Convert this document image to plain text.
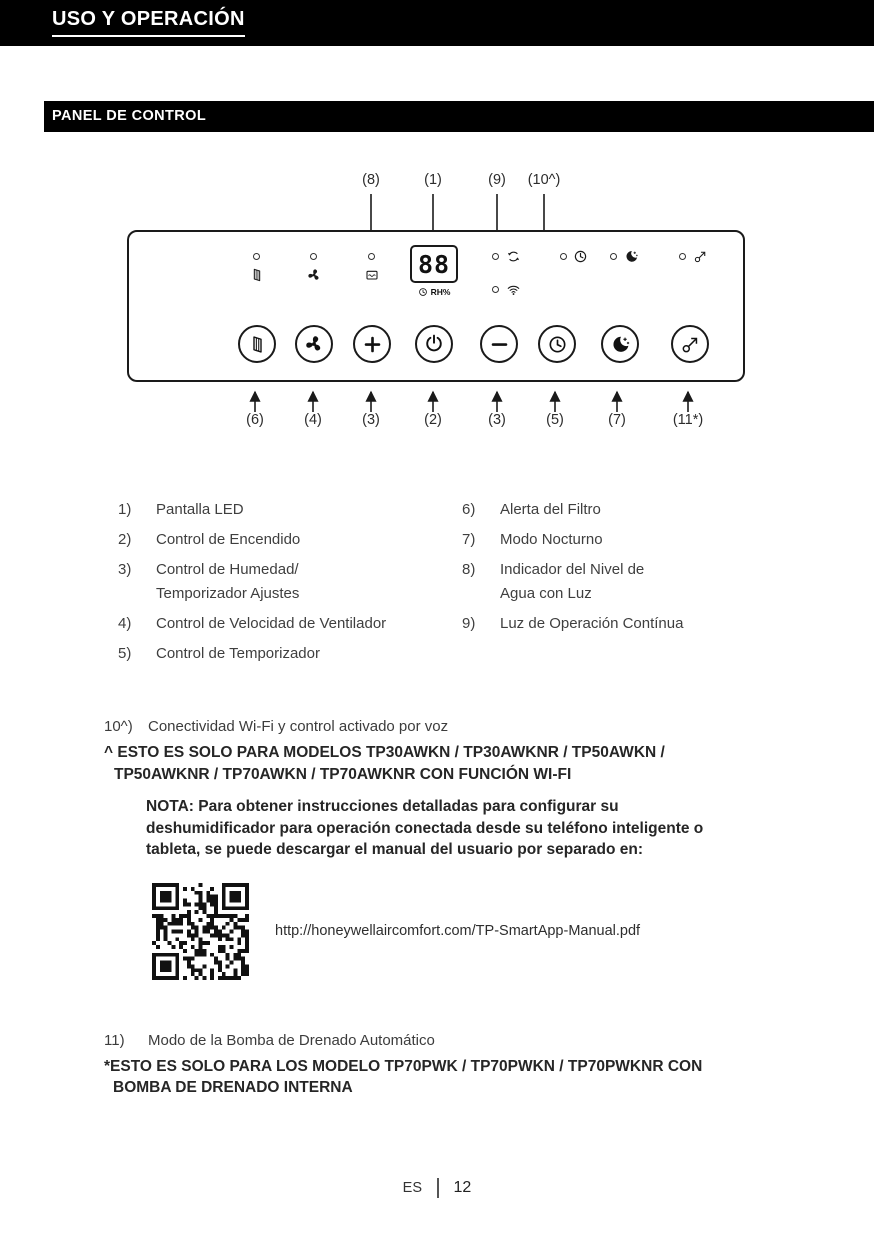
USO Y OPERACIÓN
PANEL DE CONTROL
(8)	(1)	(9) (10^)
88
RH%
(6)	(4)	(3)	(2)	(3)	(5)	(7)	(11*)
1)	Pantalla LED
2)	Control de Encendido
3)	Control de Humedad/
Temporizador Ajustes
4)	Control de Velocidad de Ventilador
5)	Control de Temporizador
6)	Alerta del Filtro
7)	Modo Nocturno
8)	Indicador del Nivel de
Agua con Luz
9)	Luz de Operación Contínua
10^)	Conectividad Wi-Fi y control activado por voz
^ ESTO ES SOLO PARA MODELOS TP30AWKN / TP30AWKNR / TP50AWKN /
TP50AWKNR / TP70AWKN / TP70AWKNR CON FUNCIÓN WI-FI
NOTA: Para obtener instrucciones detalladas para configurar su
deshumidificador para operación conectada desde su teléfono inteligente o
tableta, se puede descargar el manual del usuario por separado en:
http://honeywellaircomfort.com/TP-SmartApp-Manual.pdf
11)	Modo de la Bomba de Drenado Automático
*ESTO ES SOLO PARA LOS MODELO TP70PWK / TP70PWKN / TP70PWKNR CON
BOMBA DE DRENADO INTERNA
ES 12
